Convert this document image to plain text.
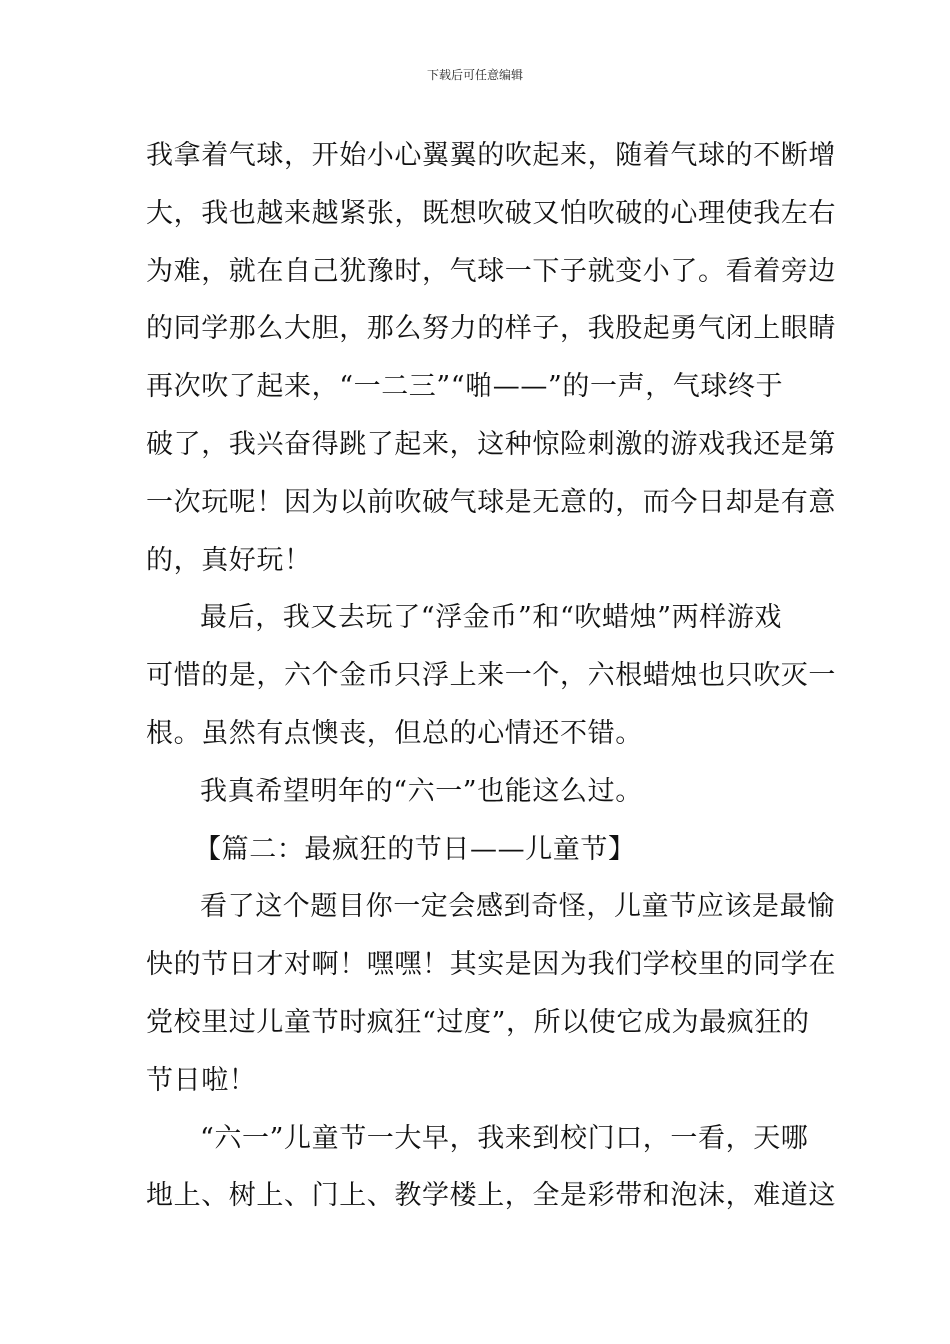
下载后可任意编辑
我拿着气球，开始小心翼翼的吹起来，随着气球的不断增
大，我也越来越紧张，既想吹破又怕吹破的心理使我左右
为难，就在自己犹豫时，气球一下子就变小了。看着旁边
的同学那么大胆，那么努力的样子，我股起勇气闭上眼睛
再次吹了起来，“一二三”“啪——”的一声，气球终于
破了，我兴奋得跳了起来，这种惊险刺激的游戏我还是第
一次玩呢！因为以前吹破气球是无意的，而今日却是有意
的，真好玩！
最后，我又去玩了“浮金币”和“吹蜡烛”两样游戏
可惜的是，六个金币只浮上来一个，六根蜡烛也只吹灭一
根。虽然有点懊丧，但总的心情还不错。
我真希望明年的“六一”也能这么过。
【篇二：最疯狂的节日——儿童节】
看了这个题目你一定会感到奇怪，儿童节应该是最愉
快的节日才对啊！嘿嘿！其实是因为我们学校里的同学在
党校里过儿童节时疯狂“过度”，所以使它成为最疯狂的
节日啦！
“六一”儿童节一大早，我来到校门口，一看，天哪
地上、树上、门上、教学楼上，全是彩带和泡沫，难道这
